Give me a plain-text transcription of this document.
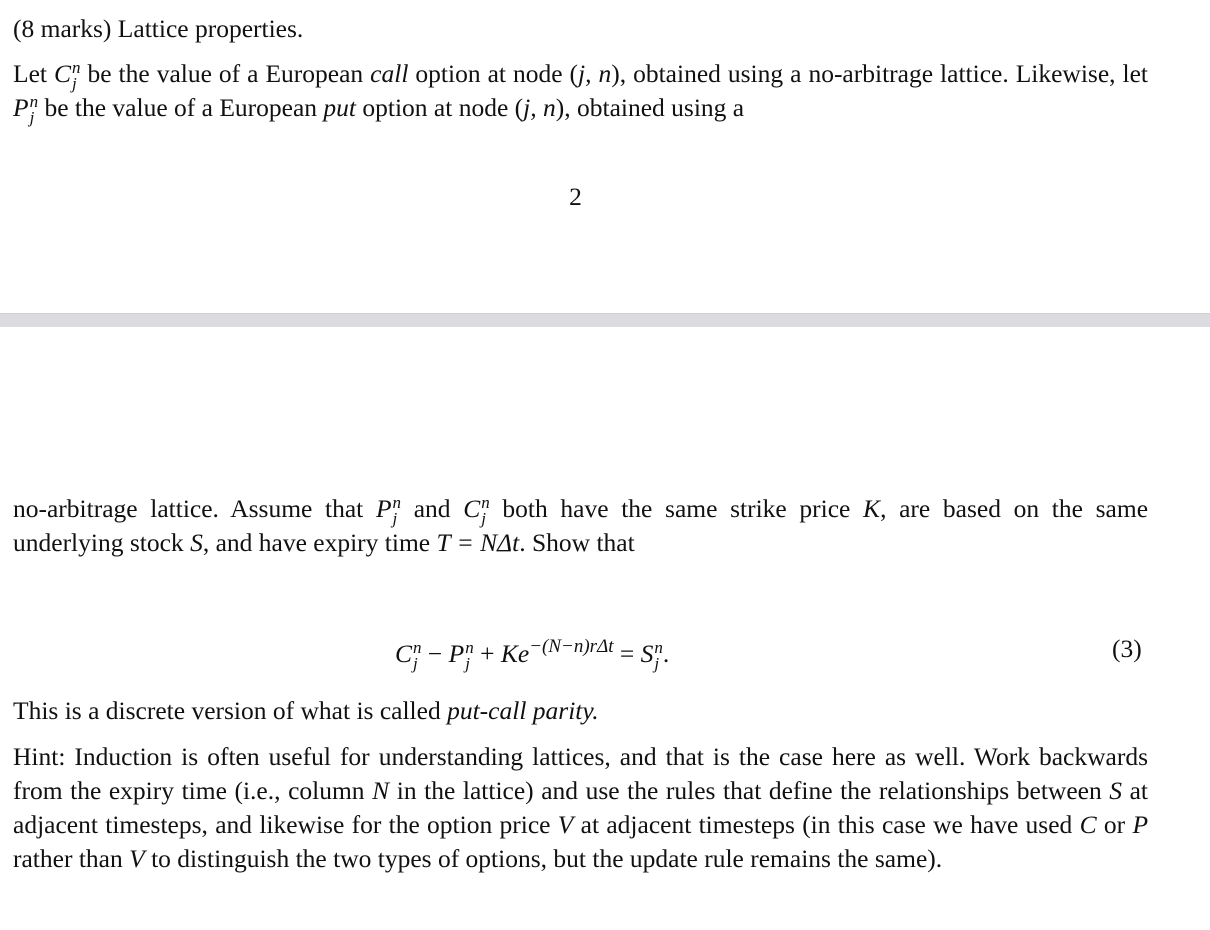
(8 marks) Lattice properties.

Let C n
j be the value of a European call option at node (j, n), obtained using a no-arbitrage lattice. Likewise, let P n
j be the value of a European put option at node (j, n), obtained using a

2

no-arbitrage lattice. Assume that P n
j and C n
j both have the same strike price K, are based on the same underlying stock S, and have expiry time T = NΔt. Show that

C n
j − P n
$j + Ke^{-(N-n)r\Delta t} = S$ n
j .	(3)

This is a discrete version of what is called put-call parity.

Hint: Induction is often useful for understanding lattices, and that is the case here as well. Work backwards from the expiry time (i.e., column N in the lattice) and use the rules that define the relationships between S at adjacent timesteps, and likewise for the option price V at adjacent timesteps (in this case we have used C or P rather than V to distinguish the two types of options, but the update rule remains the same).
